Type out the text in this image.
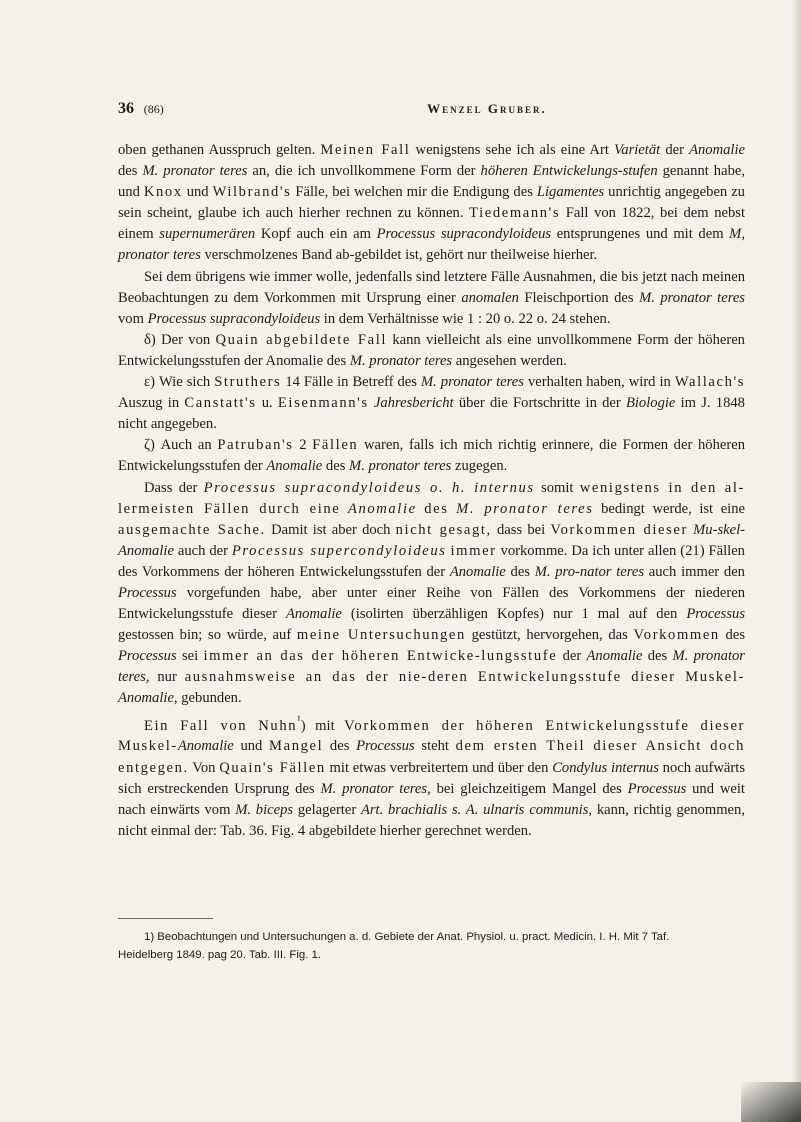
36 (86)	Wenzel Gruber.

oben gethanen Ausspruch gelten. Meinen Fall wenigstens sehe ich als eine Art Varietät der Anomalie des M. pronator teres an, die ich unvollkommene Form der höheren Entwickelungs-stufen genannt habe, und Knox und Wilbrand's Fälle, bei welchen mir die Endigung des Ligamentes unrichtig angegeben zu sein scheint, glaube ich auch hierher rechnen zu können. Tiedemann's Fall von 1822, bei dem nebst einem supernumerären Kopf auch ein am Processus supracondyloideus entsprungenes und mit dem M, pronator teres verschmolzenes Band ab-gebildet ist, gehört nur theilweise hierher.

Sei dem übrigens wie immer wolle, jedenfalls sind letztere Fälle Ausnahmen, die bis jetzt nach meinen Beobachtungen zu dem Vorkommen mit Ursprung einer anomalen Fleischportion des M. pronator teres vom Processus supracondyloideus in dem Verhältnisse wie 1 : 20 o. 22 o. 24 stehen.

δ) Der von Quain abgebildete Fall kann vielleicht als eine unvollkommene Form der höheren Entwickelungsstufen der Anomalie des M. pronator teres angesehen werden.

ε) Wie sich Struthers 14 Fälle in Betreff des M. pronator teres verhalten haben, wird in Wallach's Auszug in Canstatt's u. Eisenmann's Jahresbericht über die Fortschritte in der Biologie im J. 1848 nicht angegeben.

ζ) Auch an Patruban's 2 Fällen waren, falls ich mich richtig erinnere, die Formen der höheren Entwickelungsstufen der Anomalie des M. pronator teres zugegen.

Dass der Processus supracondyloideus o. h. internus somit wenigstens in den al-lermeisten Fällen durch eine Anomalie des M. pronator teres bedingt werde, ist eine ausgemachte Sache. Damit ist aber doch nicht gesagt, dass bei Vorkommen dieser Mu-skel-Anomalie auch der Processus supercondyloideus immer vorkomme. Da ich unter allen (21) Fällen des Vorkommens der höheren Entwickelungsstufen der Anomalie des M. pro-nator teres auch immer den Processus vorgefunden habe, aber unter einer Reihe von Fällen des Vorkommens der niederen Entwickelungsstufe dieser Anomalie (isolirten überzähligen Kopfes) nur 1 mal auf den Processus gestossen bin; so würde, auf meine Untersuchungen gestützt, hervorgehen, das Vorkommen des Processus sei immer an das der höheren Entwicke-lungsstufe der Anomalie des M. pronator teres, nur ausnahmsweise an das der nie-deren Entwickelungsstufe dieser Muskel-Anomalie, gebunden.

Ein Fall von Nuhn$^{^1}$) mit Vorkommen der höheren Entwickelungsstufe dieser Muskel-Anomalie und Mangel des Processus steht dem ersten Theil dieser Ansicht doch entgegen. Von Quain's Fällen mit etwas verbreitertem und über den Condylus internus noch aufwärts sich erstreckenden Ursprung des M. pronator teres, bei gleichzeitigem Mangel des Processus und weit nach einwärts vom M. biceps gelagerter Art. brachialis s. A. ulnaris communis, kann, richtig genommen, nicht einmal der: Tab. 36. Fig. 4 abgebildete hierher gerechnet werden.

1) Beobachtungen und Untersuchungen a. d. Gebiete der Anat. Physiol. u. pract. Medicin. I. H. Mit 7 Taf.

Heidelberg 1849. pag 20. Tab. III. Fig. 1.
